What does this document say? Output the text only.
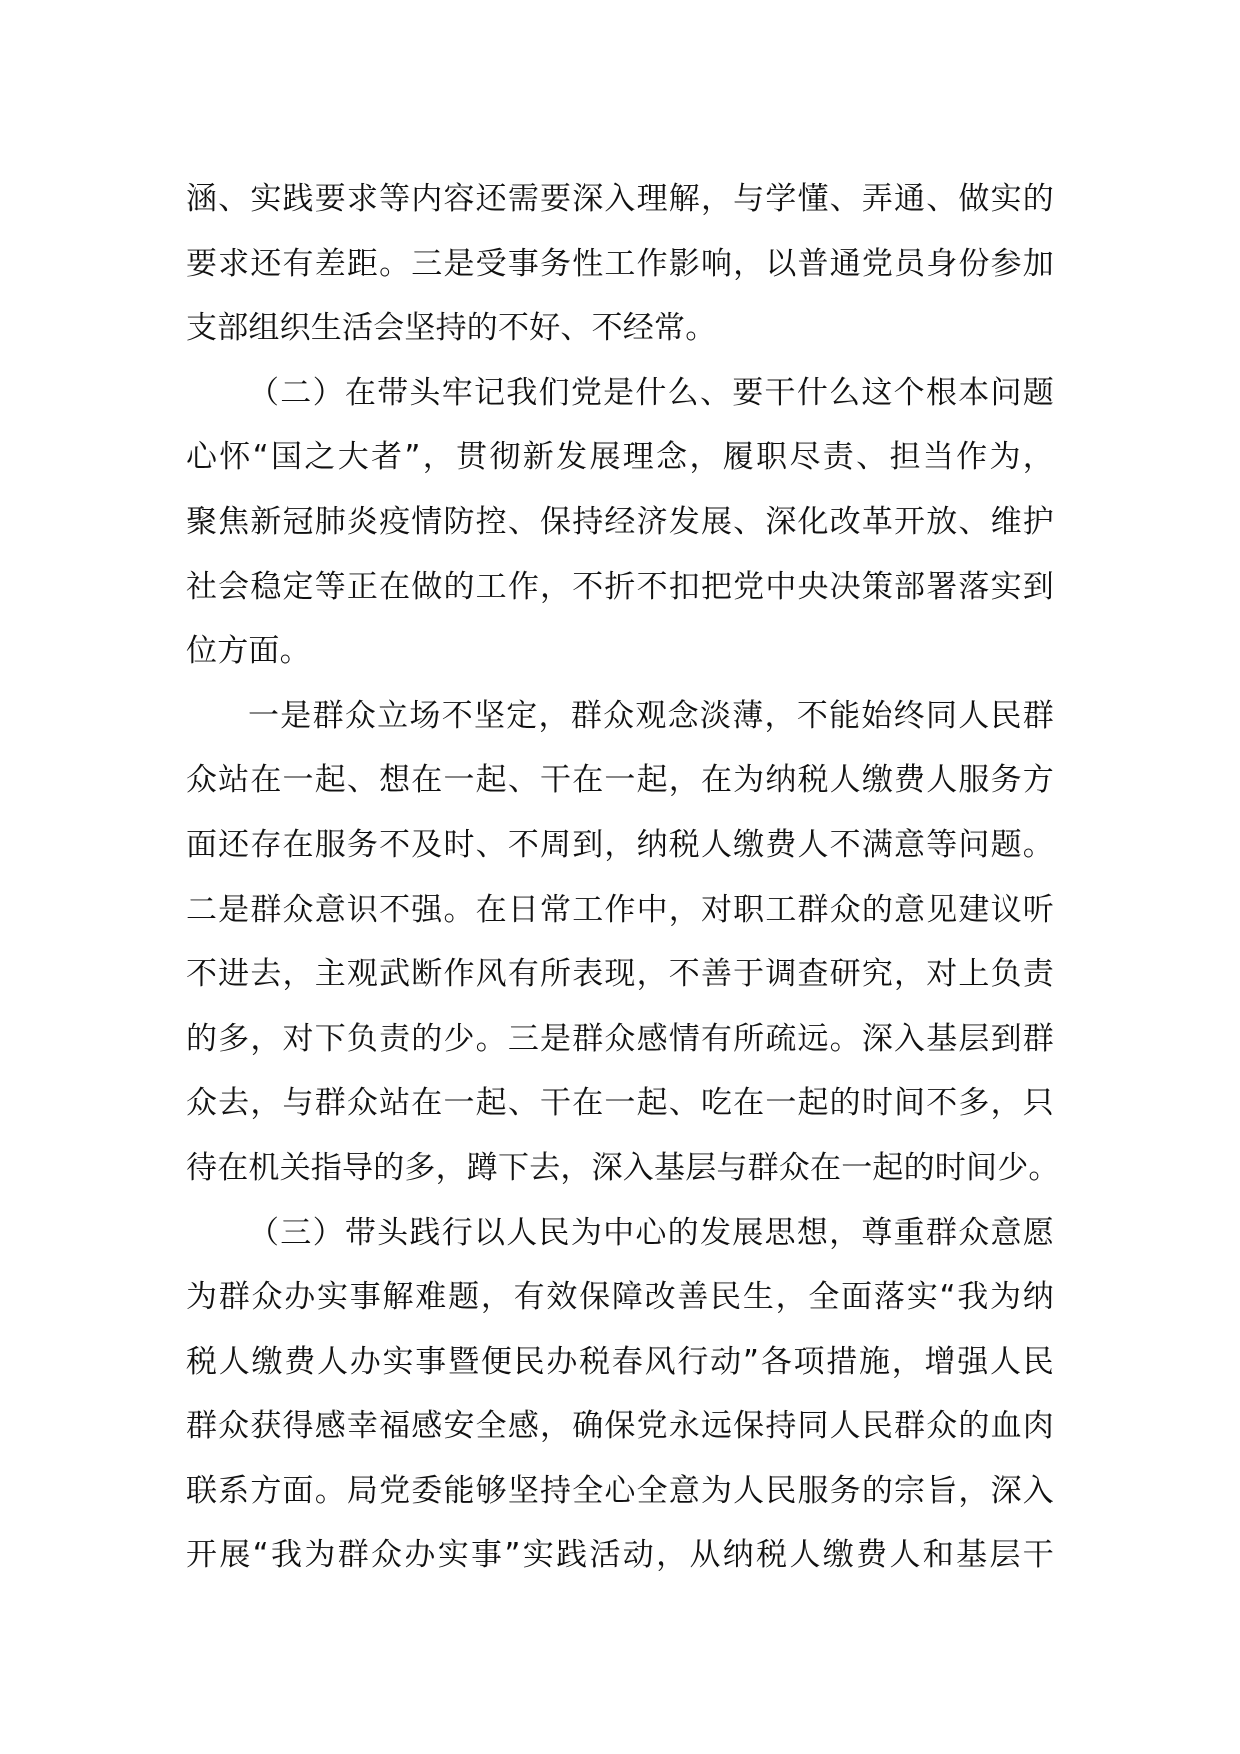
涵、实践要求等内容还需要深入理解，与学懂、弄通、做实的
要求还有差距。三是受事务性工作影响，以普通党员身份参加
支部组织生活会坚持的不好、不经常。
（二）在带头牢记我们党是什么、要干什么这个根本问题
心怀“国之大者”，贯彻新发展理念，履职尽责、担当作为，
聚焦新冠肺炎疫情防控、保持经济发展、深化改革开放、维护
社会稳定等正在做的工作，不折不扣把党中央决策部署落实到
位方面。
一是群众立场不坚定，群众观念淡薄，不能始终同人民群
众站在一起、想在一起、干在一起，在为纳税人缴费人服务方
面还存在服务不及时、不周到，纳税人缴费人不满意等问题。
二是群众意识不强。在日常工作中，对职工群众的意见建议听
不进去，主观武断作风有所表现，不善于调查研究，对上负责
的多，对下负责的少。三是群众感情有所疏远。深入基层到群
众去，与群众站在一起、干在一起、吃在一起的时间不多，只
待在机关指导的多，蹲下去，深入基层与群众在一起的时间少。
（三）带头践行以人民为中心的发展思想，尊重群众意愿
为群众办实事解难题，有效保障改善民生，全面落实“我为纳
税人缴费人办实事暨便民办税春风行动”各项措施，增强人民
群众获得感幸福感安全感，确保党永远保持同人民群众的血肉
联系方面。局党委能够坚持全心全意为人民服务的宗旨，深入
开展“我为群众办实事”实践活动，从纳税人缴费人和基层干
